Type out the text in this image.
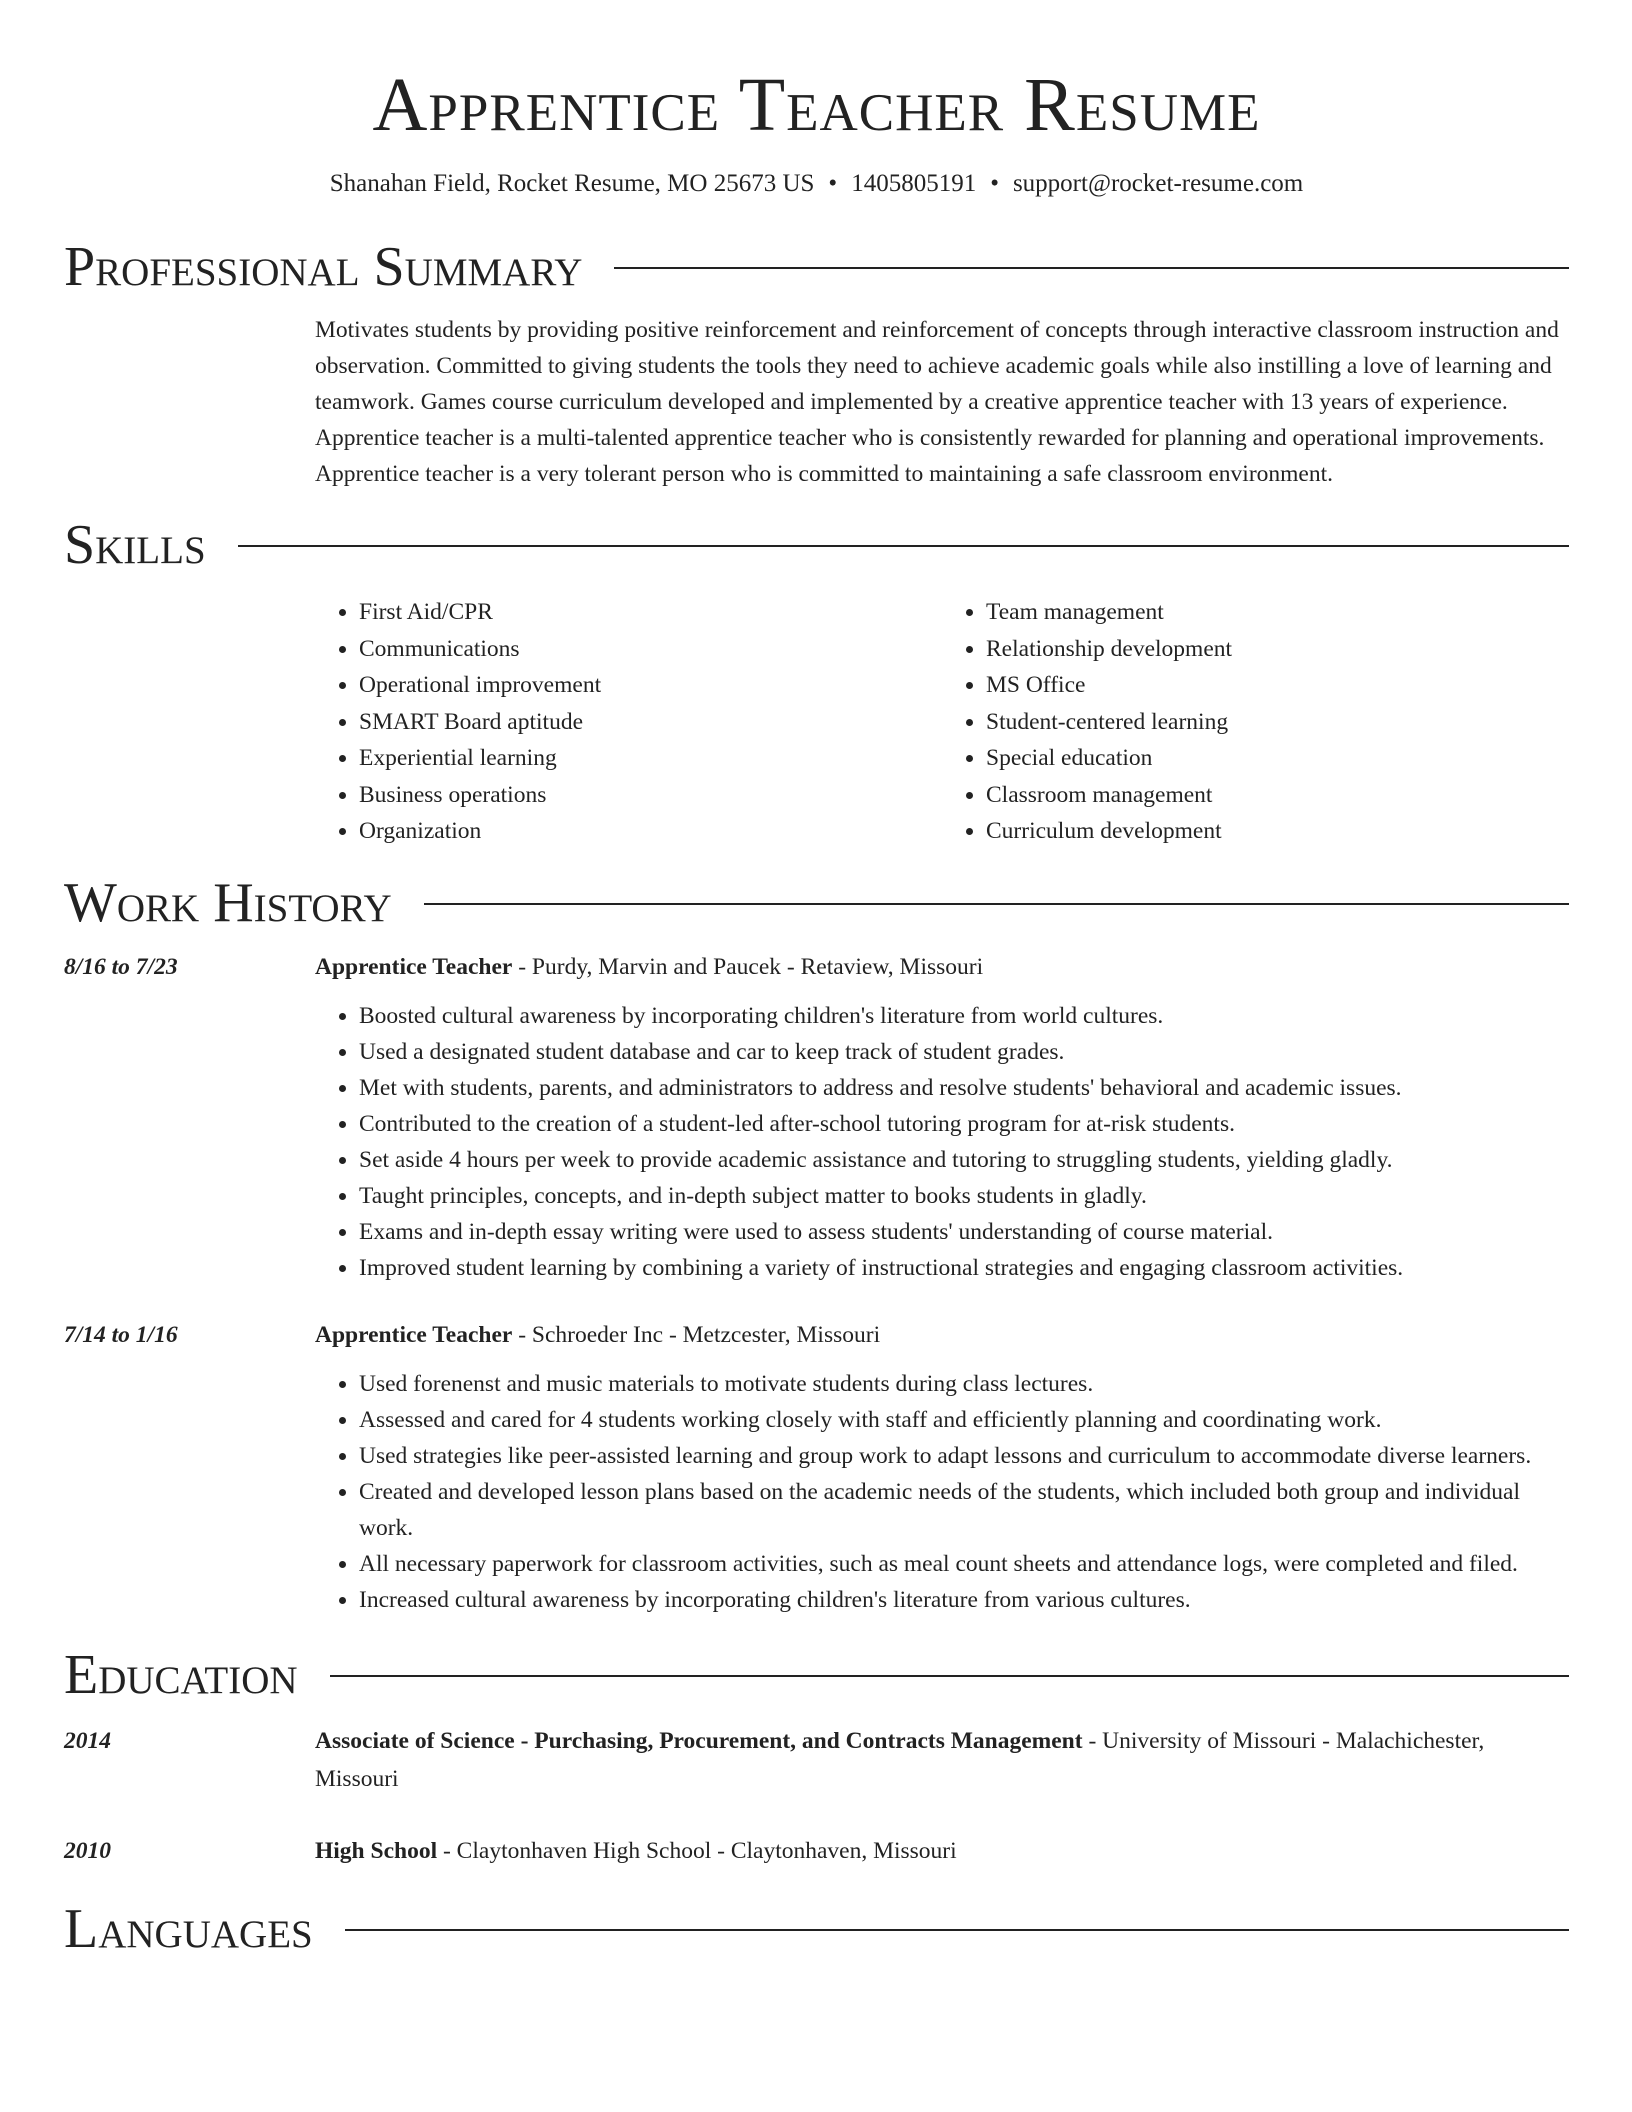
Apprentice Teacher Resume
Shanahan Field, Rocket Resume, MO 25673 US • 1405805191 • support@rocket-resume.com
Professional Summary

Motivates students by providing positive reinforcement and reinforcement of concepts through interactive classroom instruction and observation. Committed to giving students the tools they need to achieve academic goals while also instilling a love of learning and teamwork. Games course curriculum developed and implemented by a creative apprentice teacher with 13 years of experience. Apprentice teacher is a multi-talented apprentice teacher who is consistently rewarded for planning and operational improvements. Apprentice teacher is a very tolerant person who is committed to maintaining a safe classroom environment.

Skills
• First Aid/CPR
• Communications
• Operational improvement
• SMART Board aptitude
• Experiential learning
• Business operations
• Organization
• Team management
• Relationship development
• MS Office
• Student-centered learning
• Special education
• Classroom management
• Curriculum development
Work History
8/16 to 7/23	Apprentice Teacher - Purdy, Marvin and Paucek - Retaview, Missouri
• Boosted cultural awareness by incorporating children's literature from world cultures.
• Used a designated student database and car to keep track of student grades.
• Met with students, parents, and administrators to address and resolve students' behavioral and academic issues.
• Contributed to the creation of a student-led after-school tutoring program for at-risk students.
• Set aside 4 hours per week to provide academic assistance and tutoring to struggling students, yielding gladly.
• Taught principles, concepts, and in-depth subject matter to books students in gladly.
• Exams and in-depth essay writing were used to assess students' understanding of course material.
• Improved student learning by combining a variety of instructional strategies and engaging classroom activities.
7/14 to 1/16	Apprentice Teacher - Schroeder Inc - Metzcester, Missouri
• Used forenenst and music materials to motivate students during class lectures.
• Assessed and cared for 4 students working closely with staff and efficiently planning and coordinating work.
• Used strategies like peer-assisted learning and group work to adapt lessons and curriculum to accommodate diverse learners.
• Created and developed lesson plans based on the academic needs of the students, which included both group and individual work.
• All necessary paperwork for classroom activities, such as meal count sheets and attendance logs, were completed and filed.
• Increased cultural awareness by incorporating children's literature from various cultures.
Education
2014	Associate of Science - Purchasing, Procurement, and Contracts Management - University of Missouri - Malachichester, Missouri
2010	High School - Claytonhaven High School - Claytonhaven, Missouri
Languages
